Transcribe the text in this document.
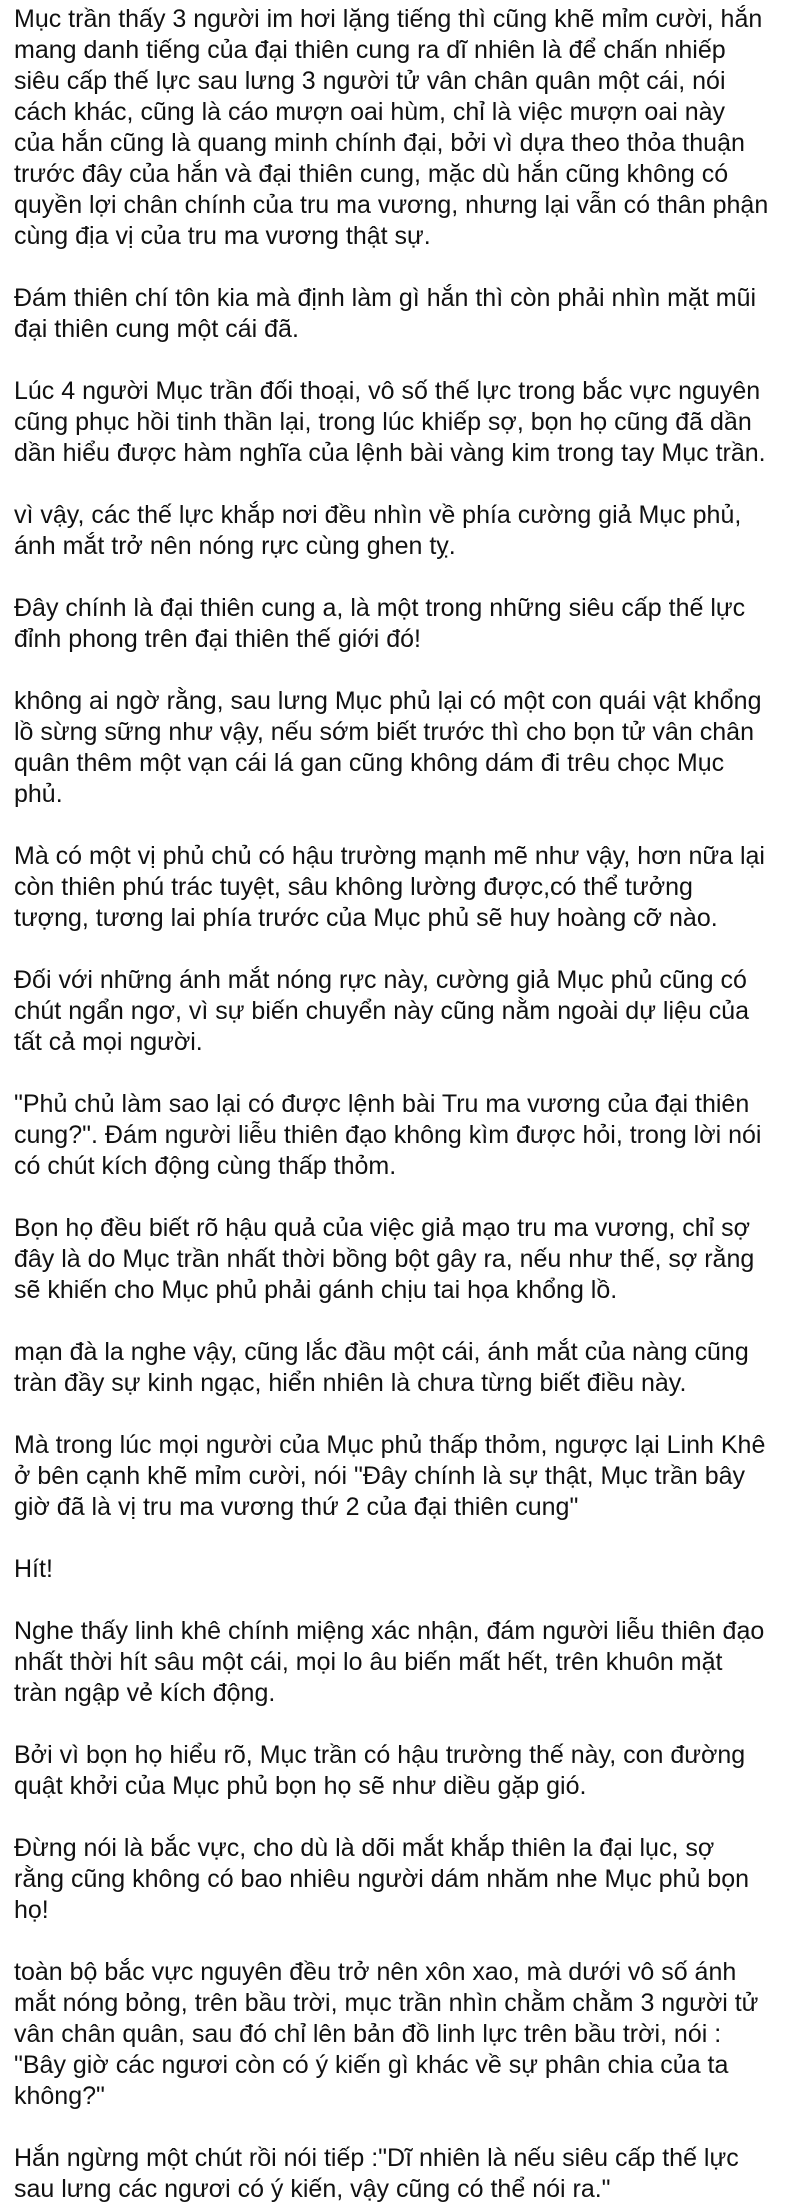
Mục trần thấy 3 người im hơi lặng tiếng thì cũng khẽ mỉm cười, hắn mang danh tiếng của đại thiên cung ra dĩ nhiên là để chấn nhiếp siêu cấp thế lực sau lưng 3 người tử vân chân quân một cái, nói cách khác, cũng là cáo mượn oai hùm, chỉ là việc mượn oai này của hắn cũng là quang minh chính đại, bởi vì dựa theo thỏa thuận trước đây của hắn và đại thiên cung, mặc dù hắn cũng không có quyền lợi chân chính của tru ma vương, nhưng lại vẫn có thân phận cùng địa vị của tru ma vương thật sự.

Đám thiên chí tôn kia mà định làm gì hắn thì còn phải nhìn mặt mũi đại thiên cung một cái đã.

Lúc 4 người Mục trần đối thoại, vô số thế lực trong bắc vực nguyên cũng phục hồi tinh thần lại, trong lúc khiếp sợ, bọn họ cũng đã dần dần hiểu được hàm nghĩa của lệnh bài vàng kim trong tay Mục trần.

vì vậy, các thế lực khắp nơi đều nhìn về phía cường giả Mục phủ, ánh mắt trở nên nóng rực cùng ghen tỵ.

Đây chính là đại thiên cung a, là một trong những siêu cấp thế lực đỉnh phong trên đại thiên thế giới đó!

không ai ngờ rằng, sau lưng Mục phủ lại có một con quái vật khổng lồ sừng sững như vậy, nếu sớm biết trước thì cho bọn tử vân chân quân thêm một vạn cái lá gan cũng không dám đi trêu chọc Mục phủ.

Mà có một vị phủ chủ có hậu trường mạnh mẽ như vậy, hơn nữa lại còn thiên phú trác tuyệt, sâu không lường được,có thể tưởng tượng, tương lai phía trước của Mục phủ sẽ huy hoàng cỡ nào.

Đối với những ánh mắt nóng rực này, cường giả Mục phủ cũng có chút ngẩn ngơ, vì sự biến chuyển này cũng nằm ngoài dự liệu của tất cả mọi người.

"Phủ chủ làm sao lại có được lệnh bài Tru ma vương của đại thiên cung?". Đám người liễu thiên đạo không kìm được hỏi, trong lời nói có chút kích động cùng thấp thỏm.

Bọn họ đều biết rõ hậu quả của việc giả mạo tru ma vương, chỉ sợ đây là do Mục trần nhất thời bồng bột gây ra, nếu như thế, sợ rằng sẽ khiến cho Mục phủ phải gánh chịu tai họa khổng lồ.

mạn đà la nghe vậy, cũng lắc đầu một cái, ánh mắt của nàng cũng tràn đầy sự kinh ngạc, hiển nhiên là chưa từng biết điều này.

Mà trong lúc mọi người của Mục phủ thấp thỏm, ngược lại Linh Khê ở bên cạnh khẽ mỉm cười, nói "Đây chính là sự thật, Mục trần bây giờ đã là vị tru ma vương thứ 2 của đại thiên cung"

Hít!

Nghe thấy linh khê chính miệng xác nhận, đám người liễu thiên đạo nhất thời hít sâu một cái, mọi lo âu biến mất hết, trên khuôn mặt tràn ngập vẻ kích động.

Bởi vì bọn họ hiểu rõ, Mục trần có hậu trường thế này, con đường quật khởi của Mục phủ bọn họ sẽ như diều gặp gió.

Đừng nói là bắc vực, cho dù là dõi mắt khắp thiên la đại lục, sợ rằng cũng không có bao nhiêu người dám nhăm nhe Mục phủ bọn họ!

toàn bộ bắc vực nguyên đều trở nên xôn xao, mà dưới vô số ánh mắt nóng bỏng, trên bầu trời, mục trần nhìn chằm chằm 3 người tử vân chân quân, sau đó chỉ lên bản đồ linh lực trên bầu trời, nói : "Bây giờ các ngươi còn có ý kiến gì khác về sự phân chia của ta không?"

Hắn ngừng một chút rồi nói tiếp :"Dĩ nhiên là nếu siêu cấp thế lực sau lưng các ngươi có ý kiến, vậy cũng có thể nói ra."
